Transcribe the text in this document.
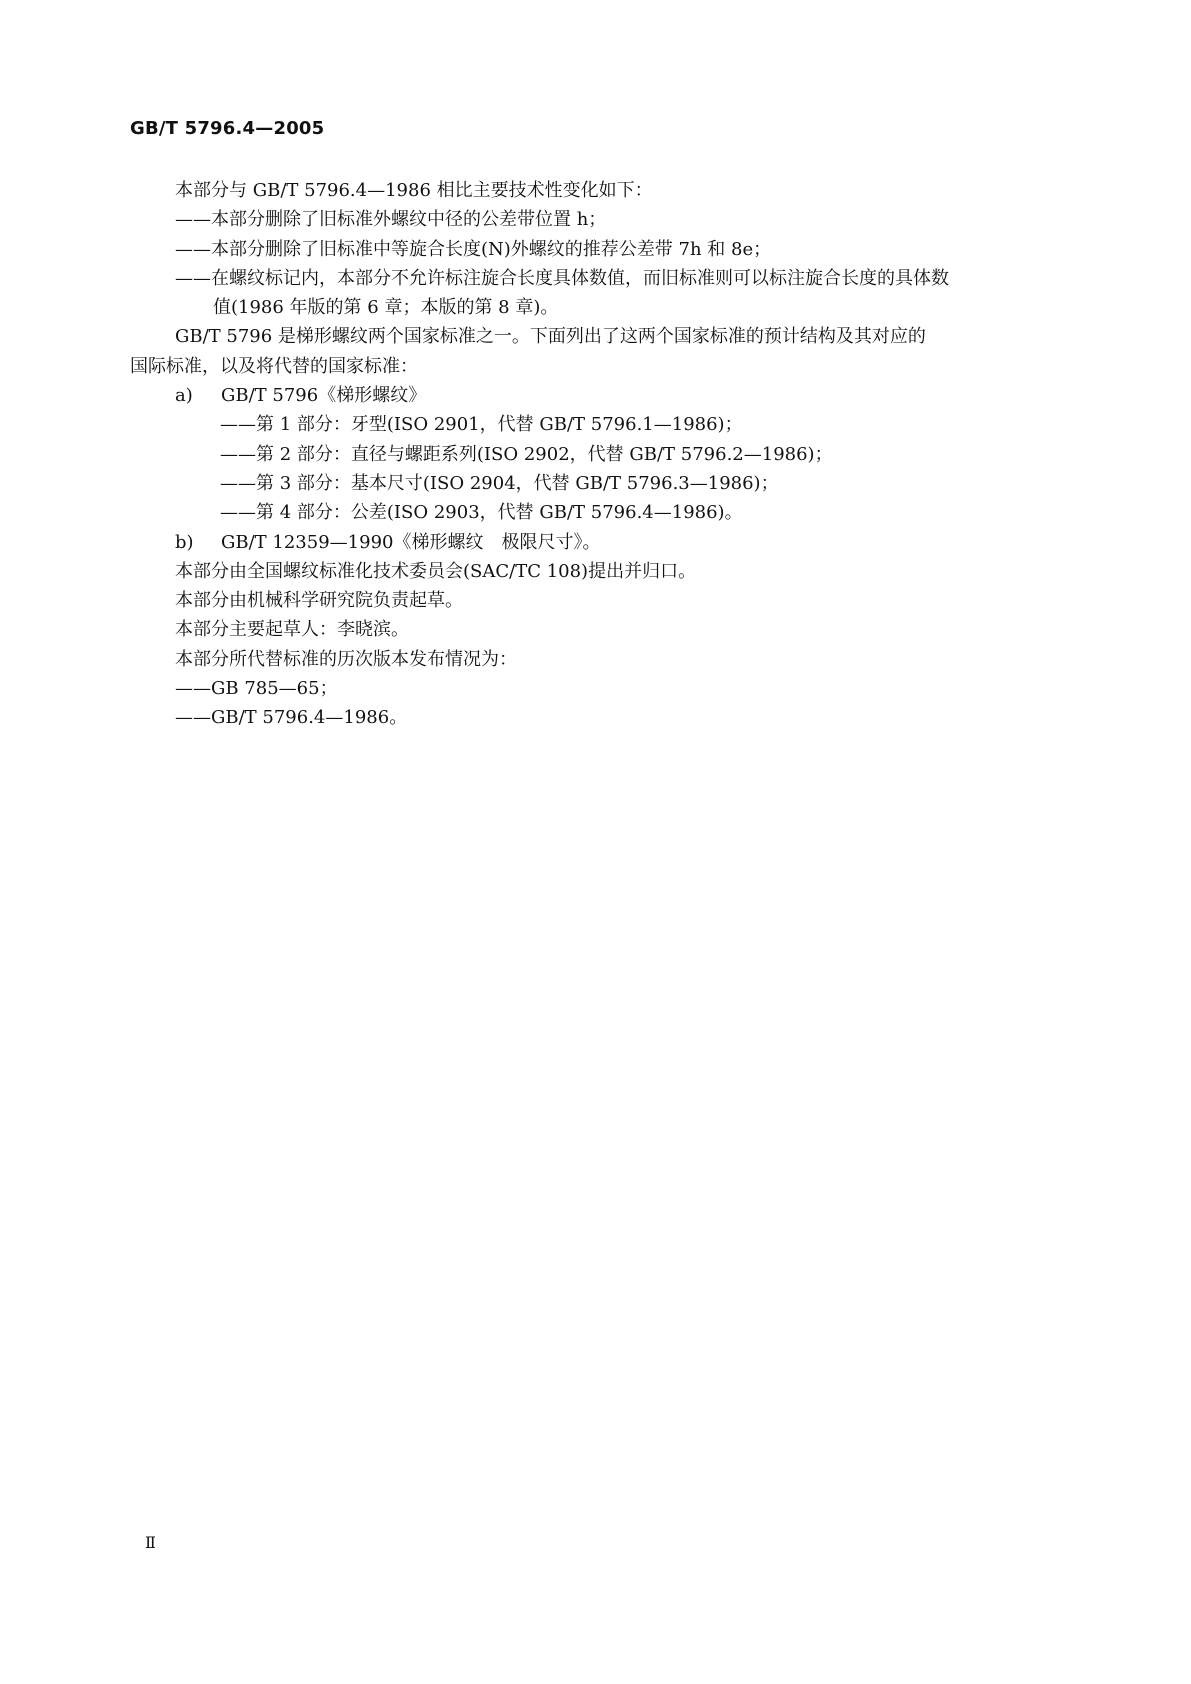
GB/T 5796.4—2005

本部分与 GB/T 5796.4—1986 相比主要技术性变化如下：

——本部分删除了旧标准外螺纹中径的公差带位置 h；

——本部分删除了旧标准中等旋合长度(N)外螺纹的推荐公差带 7h 和 8e；

——在螺纹标记内，本部分不允许标注旋合长度具体数值，而旧标准则可以标注旋合长度的具体数

值(1986 年版的第 6 章；本版的第 8 章)。

GB/T 5796 是梯形螺纹两个国家标准之一。下面列出了这两个国家标准的预计结构及其对应的

国际标准，以及将代替的国家标准：

a) GB/T 5796《梯形螺纹》

——第 1 部分：牙型(ISO 2901，代替 GB/T 5796.1—1986)；

——第 2 部分：直径与螺距系列(ISO 2902，代替 GB/T 5796.2—1986)；

——第 3 部分：基本尺寸(ISO 2904，代替 GB/T 5796.3—1986)；

——第 4 部分：公差(ISO 2903，代替 GB/T 5796.4—1986)。

b) GB/T 12359—1990《梯形螺纹　极限尺寸》。

本部分由全国螺纹标准化技术委员会(SAC/TC 108)提出并归口。

本部分由机械科学研究院负责起草。

本部分主要起草人：李晓滨。

本部分所代替标准的历次版本发布情况为：

——GB 785—65；

——GB/T 5796.4—1986。

Ⅱ
